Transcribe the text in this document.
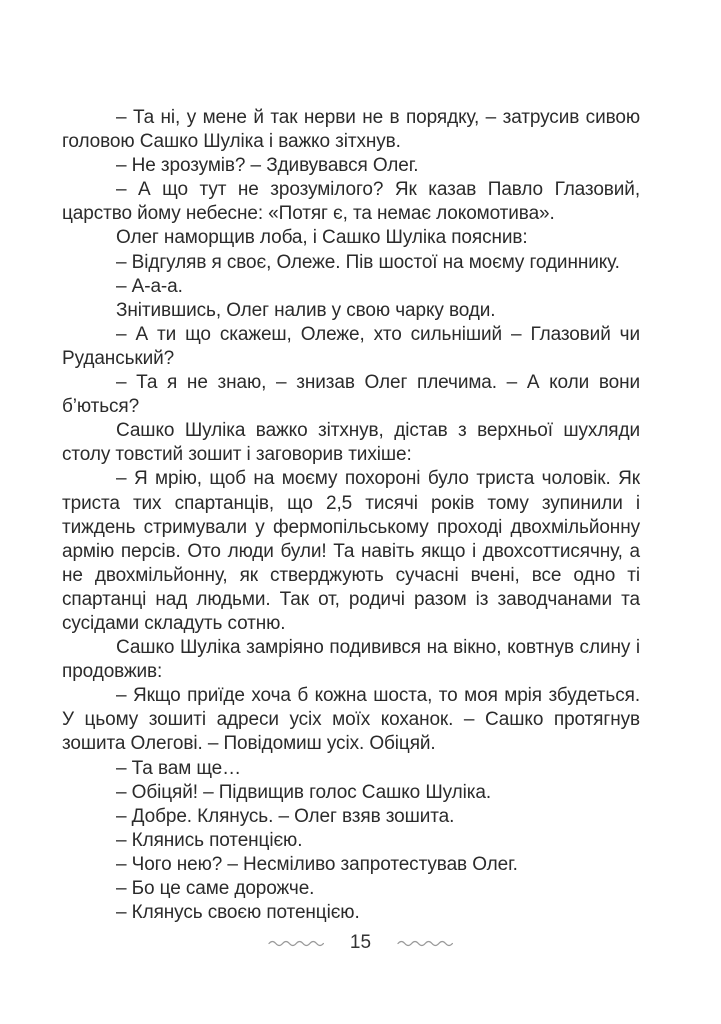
– Та ні, у мене й так нерви не в порядку, – затрусив сивою головою Сашко Шуліка і важко зітхнув.

– Не зрозумів? – Здивувався Олег.

– А що тут не зрозумілого? Як казав Павло Глазовий, царство йому небесне: «Потяг є, та немає локомотива».

Олег наморщив лоба, і Сашко Шуліка пояснив:

– Відгуляв я своє, Олеже. Пів шостої на моєму годиннику.

– А-а-а.

Знітившись, Олег налив у свою чарку води.

– А ти що скажеш, Олеже, хто сильніший – Глазовий чи Руданський?

– Та я не знаю, – знизав Олег плечима. – А коли вони б’ються?

Сашко Шуліка важко зітхнув, дістав з верхньої шухляди столу товстий зошит і заговорив тихіше:

– Я мрію, щоб на моєму похороні було триста чоловік. Як триста тих спартанців, що 2,5 тисячі років тому зупинили і тиждень стримували у фермопільському проході двохмільйонну армію персів. Ото люди були! Та навіть якщо і двохсоттисячну, а не двохмільйонну, як стверджують сучасні вчені, все одно ті спартанці над людьми. Так от, родичі разом із заводчанами та сусідами складуть сотню.

Сашко Шуліка замріяно подивився на вікно, ковтнув слину і продовжив:

– Якщо приїде хоча б кожна шоста, то моя мрія збудеться. У цьому зошиті адреси усіх моїх коханок. – Сашко протягнув зошита Олегові. – Повідомиш усіх. Обіцяй.

– Та вам ще…

– Обіцяй! – Підвищив голос Сашко Шуліка.

– Добре. Клянусь. – Олег взяв зошита.

– Клянись потенцією.

– Чого нею? – Несміливо запротестував Олег.

– Бо це саме дорожче.

– Клянусь своєю потенцією.

15
